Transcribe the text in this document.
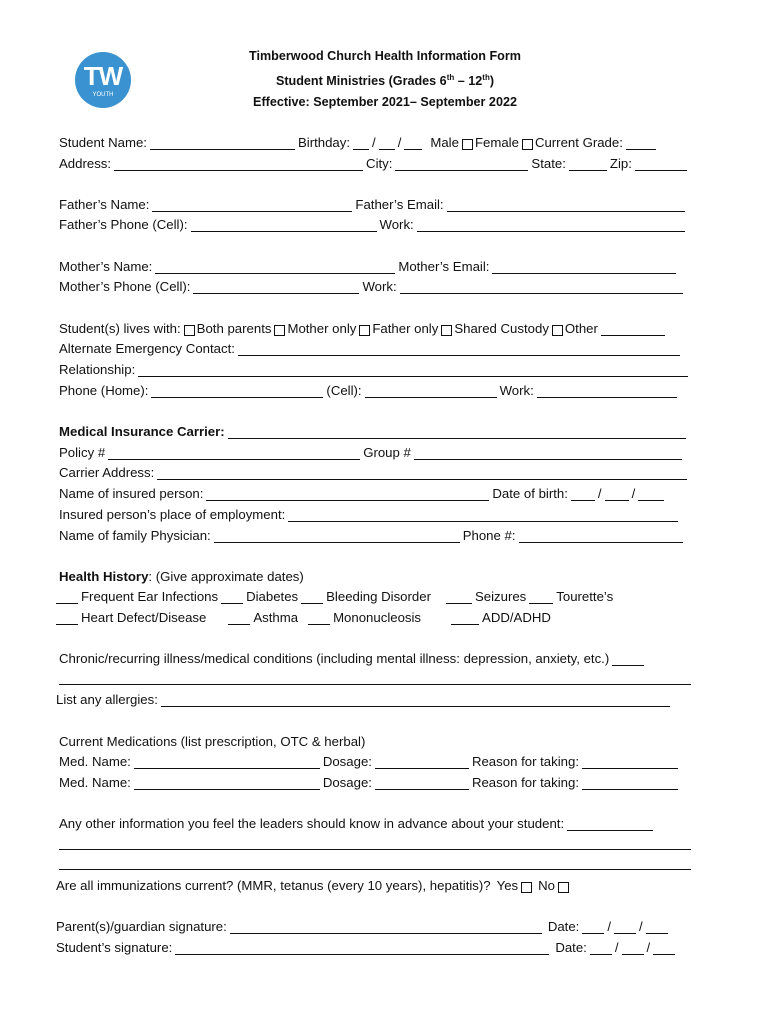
TW
YOUTH
Timberwood Church Health Information Form
Student Ministries (Grades 6th – 12th)
Effective: September 2021– September 2022
Student Name:	Birthday: / / Male Female Current Grade:
Address:	City:	State:	Zip:
Father’s Name:	Father’s Email:
Father’s Phone (Cell):	Work:
Mother’s Name:	Mother’s Email:
Mother’s Phone (Cell):	Work:
Student(s) lives with: Both parents Mother only Father only Shared Custody Other
Alternate Emergency Contact:
Relationship:
Phone (Home):	(Cell):	Work:
Medical Insurance Carrier:
Policy #	Group #
Carrier Address:
Name of insured person:	Date of birth: / /
Insured person’s place of employment:
Name of family Physician:	Phone #:
Health History : (Give approximate dates)
Frequent Ear Infections Diabetes Bleeding Disorder	Seizures Tourette’s
Heart Defect/Disease	Asthma	Mononucleosis	ADD/ADHD
Chronic/recurring illness/medical conditions (including mental illness: depression, anxiety, etc.)
List any allergies:
Current Medications (list prescription, OTC & herbal)
Med. Name:	Dosage:	Reason for taking:
Med. Name:	Dosage:	Reason for taking:
Any other information you feel the leaders should know in advance about your student:
Are all immunizations current? (MMR, tetanus (every 10 years), hepatitis)? Yes No
Parent(s)/guardian signature:	Date: / /
Student’s signature:	Date: / /
